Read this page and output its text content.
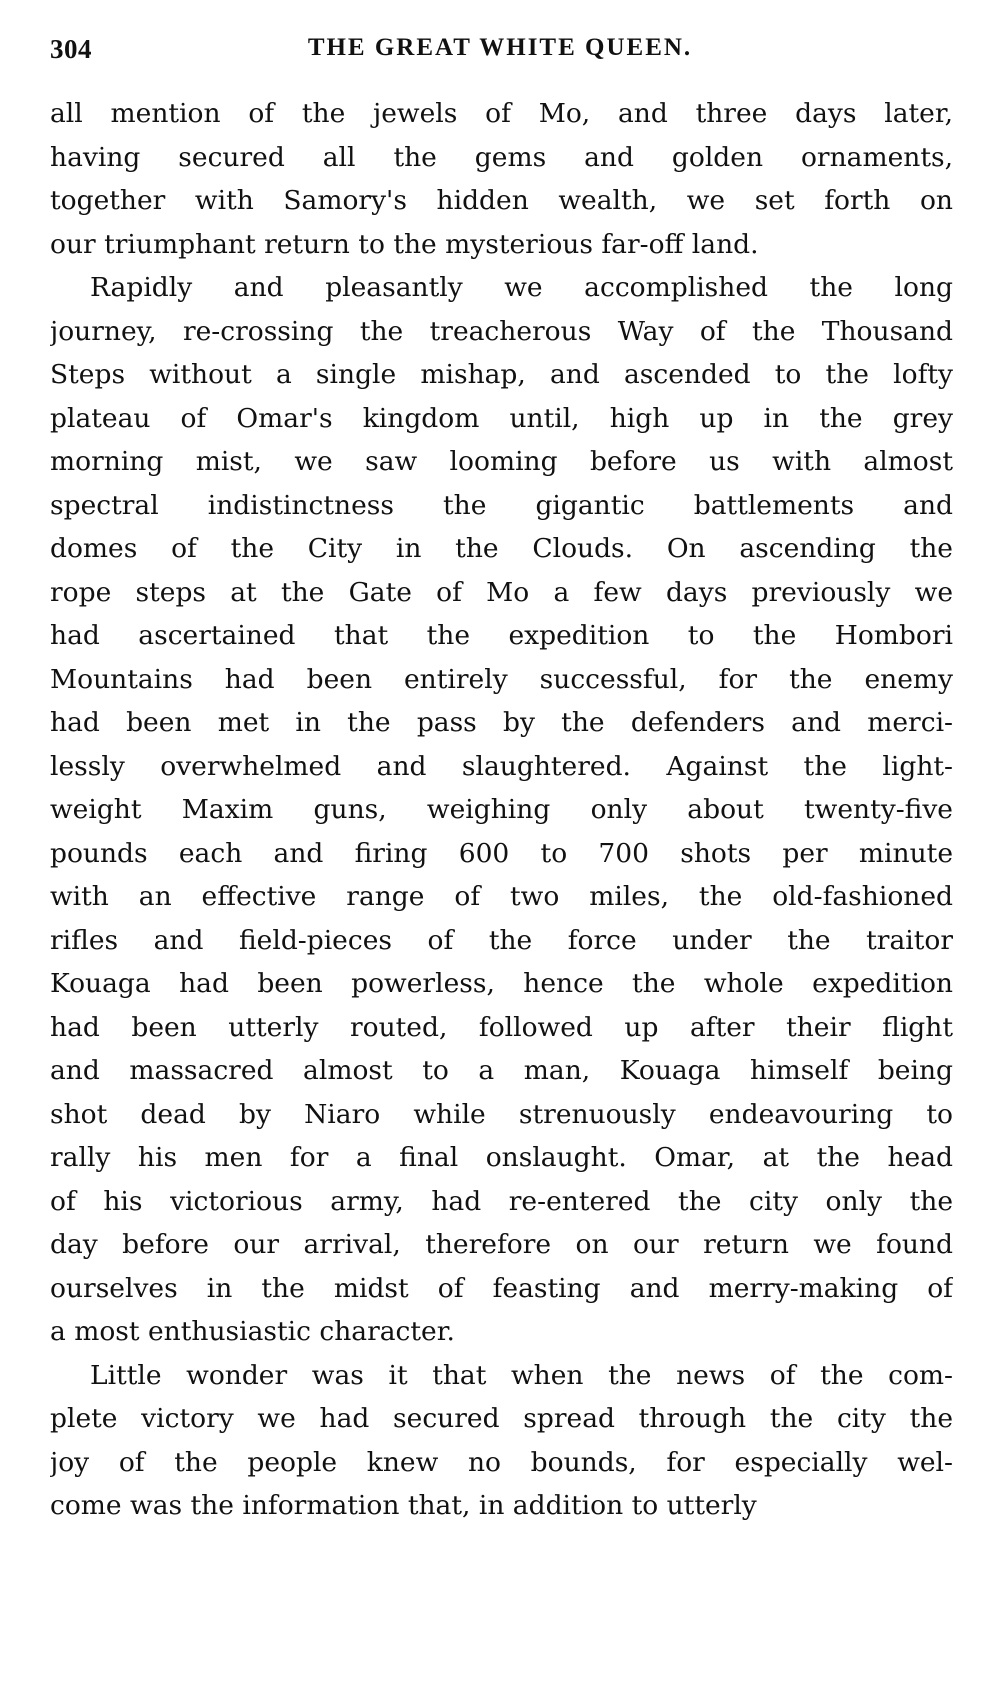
304	THE GREAT WHITE QUEEN.
all mention of the jewels of Mo, and three days later,
having secured all the gems and golden ornaments,
together with Samory's hidden wealth, we set forth on
our triumphant return to the mysterious far-off land.
Rapidly and pleasantly we accomplished the long
journey, re-crossing the treacherous Way of the Thousand
Steps without a single mishap, and ascended to the lofty
plateau of Omar's kingdom until, high up in the grey
morning mist, we saw looming before us with almost
spectral indistinctness the gigantic battlements and
domes of the City in the Clouds. On ascending the
rope steps at the Gate of Mo a few days previously we
had ascertained that the expedition to the Hombori
Mountains had been entirely successful, for the enemy
had been met in the pass by the defenders and merci-
lessly overwhelmed and slaughtered. Against the light-
weight Maxim guns, weighing only about twenty-five
pounds each and firing 600 to 700 shots per minute
with an effective range of two miles, the old-fashioned
rifles and field-pieces of the force under the traitor
Kouaga had been powerless, hence the whole expedition
had been utterly routed, followed up after their flight
and massacred almost to a man, Kouaga himself being
shot dead by Niaro while strenuously endeavouring to
rally his men for a final onslaught. Omar, at the head
of his victorious army, had re-entered the city only the
day before our arrival, therefore on our return we found
ourselves in the midst of feasting and merry-making of
a most enthusiastic character.
Little wonder was it that when the news of the com-
plete victory we had secured spread through the city the
joy of the people knew no bounds, for especially wel-
come was the information that, in addition to utterly
